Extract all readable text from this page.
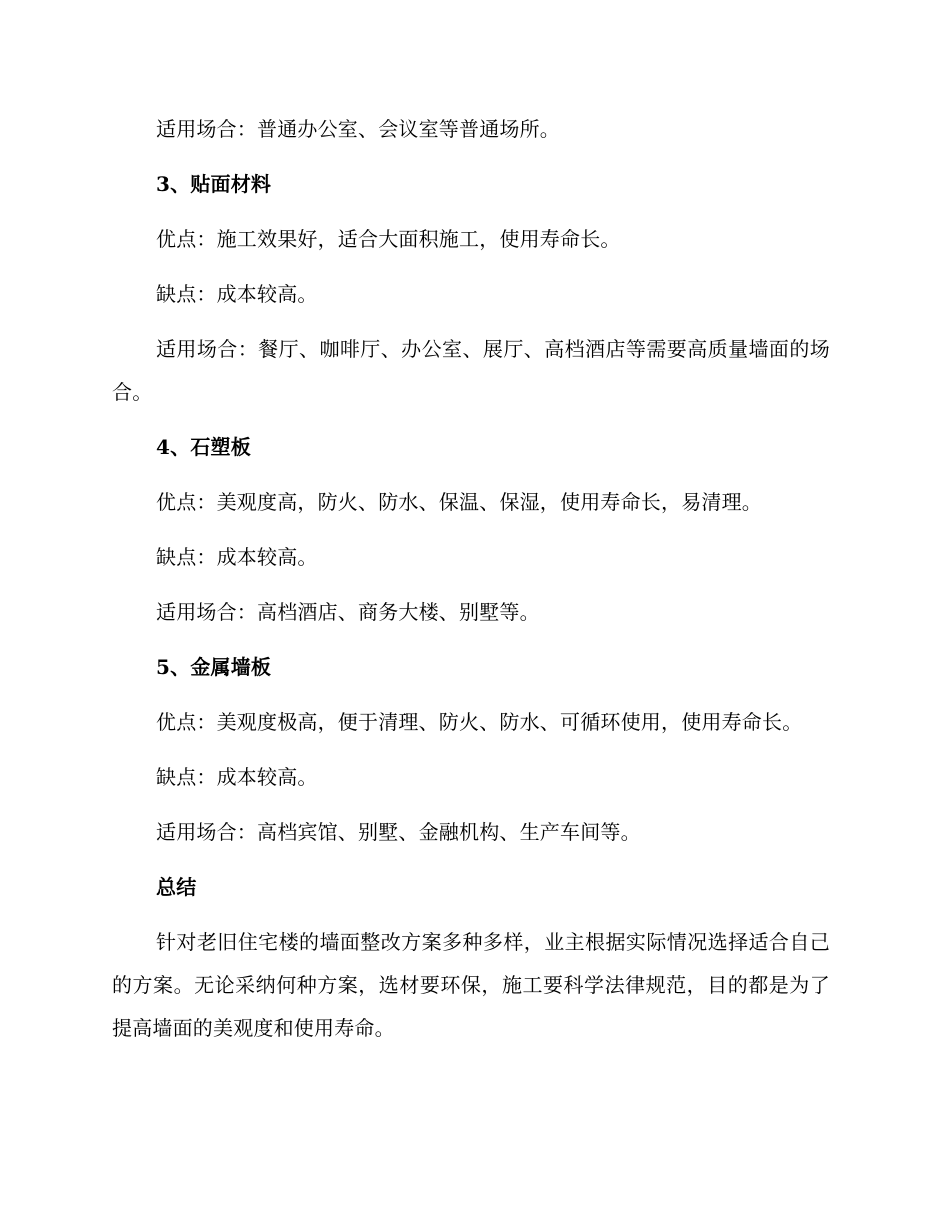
适用场合：普通办公室、会议室等普通场所。

3、贴面材料

优点：施工效果好，适合大面积施工，使用寿命长。

缺点：成本较高。

适用场合：餐厅、咖啡厅、办公室、展厅、高档酒店等需要高质量墙面的场合。

4、石塑板

优点：美观度高，防火、防水、保温、保湿，使用寿命长，易清理。

缺点：成本较高。

适用场合：高档酒店、商务大楼、别墅等。

5、金属墙板

优点：美观度极高，便于清理、防火、防水、可循环使用，使用寿命长。

缺点：成本较高。

适用场合：高档宾馆、别墅、金融机构、生产车间等。

总结

针对老旧住宅楼的墙面整改方案多种多样，业主根据实际情况选择适合自己的方案。无论采纳何种方案，选材要环保，施工要科学法律规范，目的都是为了提高墙面的美观度和使用寿命。
